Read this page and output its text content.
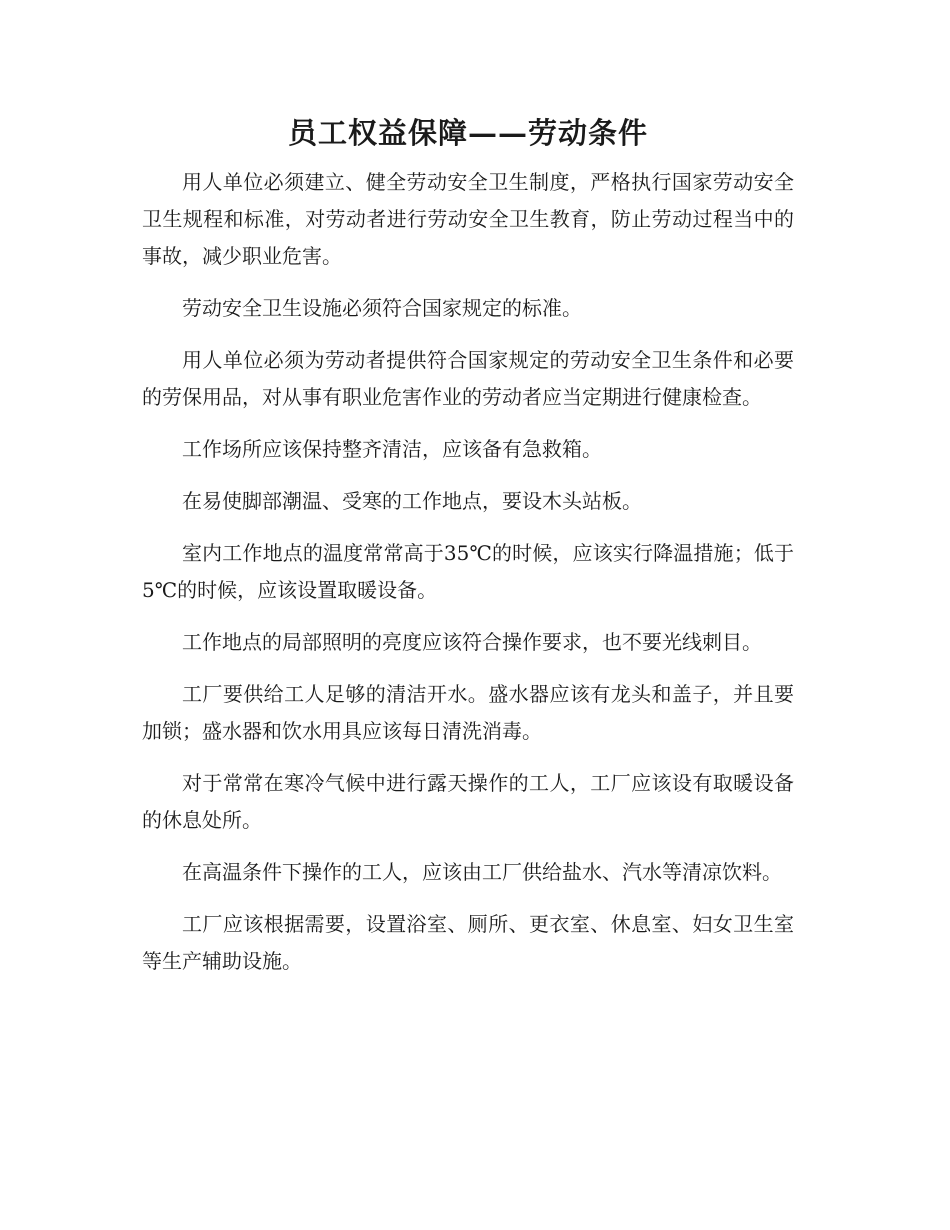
员工权益保障——劳动条件

用人单位必须建立、健全劳动安全卫生制度，严格执行国家劳动安全卫生规程和标准，对劳动者进行劳动安全卫生教育，防止劳动过程当中的事故，减少职业危害。

劳动安全卫生设施必须符合国家规定的标准。

用人单位必须为劳动者提供符合国家规定的劳动安全卫生条件和必要的劳保用品，对从事有职业危害作业的劳动者应当定期进行健康检查。

工作场所应该保持整齐清洁，应该备有急救箱。

在易使脚部潮温、受寒的工作地点，要设木头站板。

室内工作地点的温度常常高于35℃的时候，应该实行降温措施；低于5℃的时候，应该设置取暖设备。

工作地点的局部照明的亮度应该符合操作要求，也不要光线刺目。

工厂要供给工人足够的清洁开水。盛水器应该有龙头和盖子，并且要加锁；盛水器和饮水用具应该每日清洗消毒。

对于常常在寒冷气候中进行露天操作的工人，工厂应该设有取暖设备的休息处所。

在高温条件下操作的工人，应该由工厂供给盐水、汽水等清凉饮料。

工厂应该根据需要，设置浴室、厕所、更衣室、休息室、妇女卫生室等生产辅助设施。
